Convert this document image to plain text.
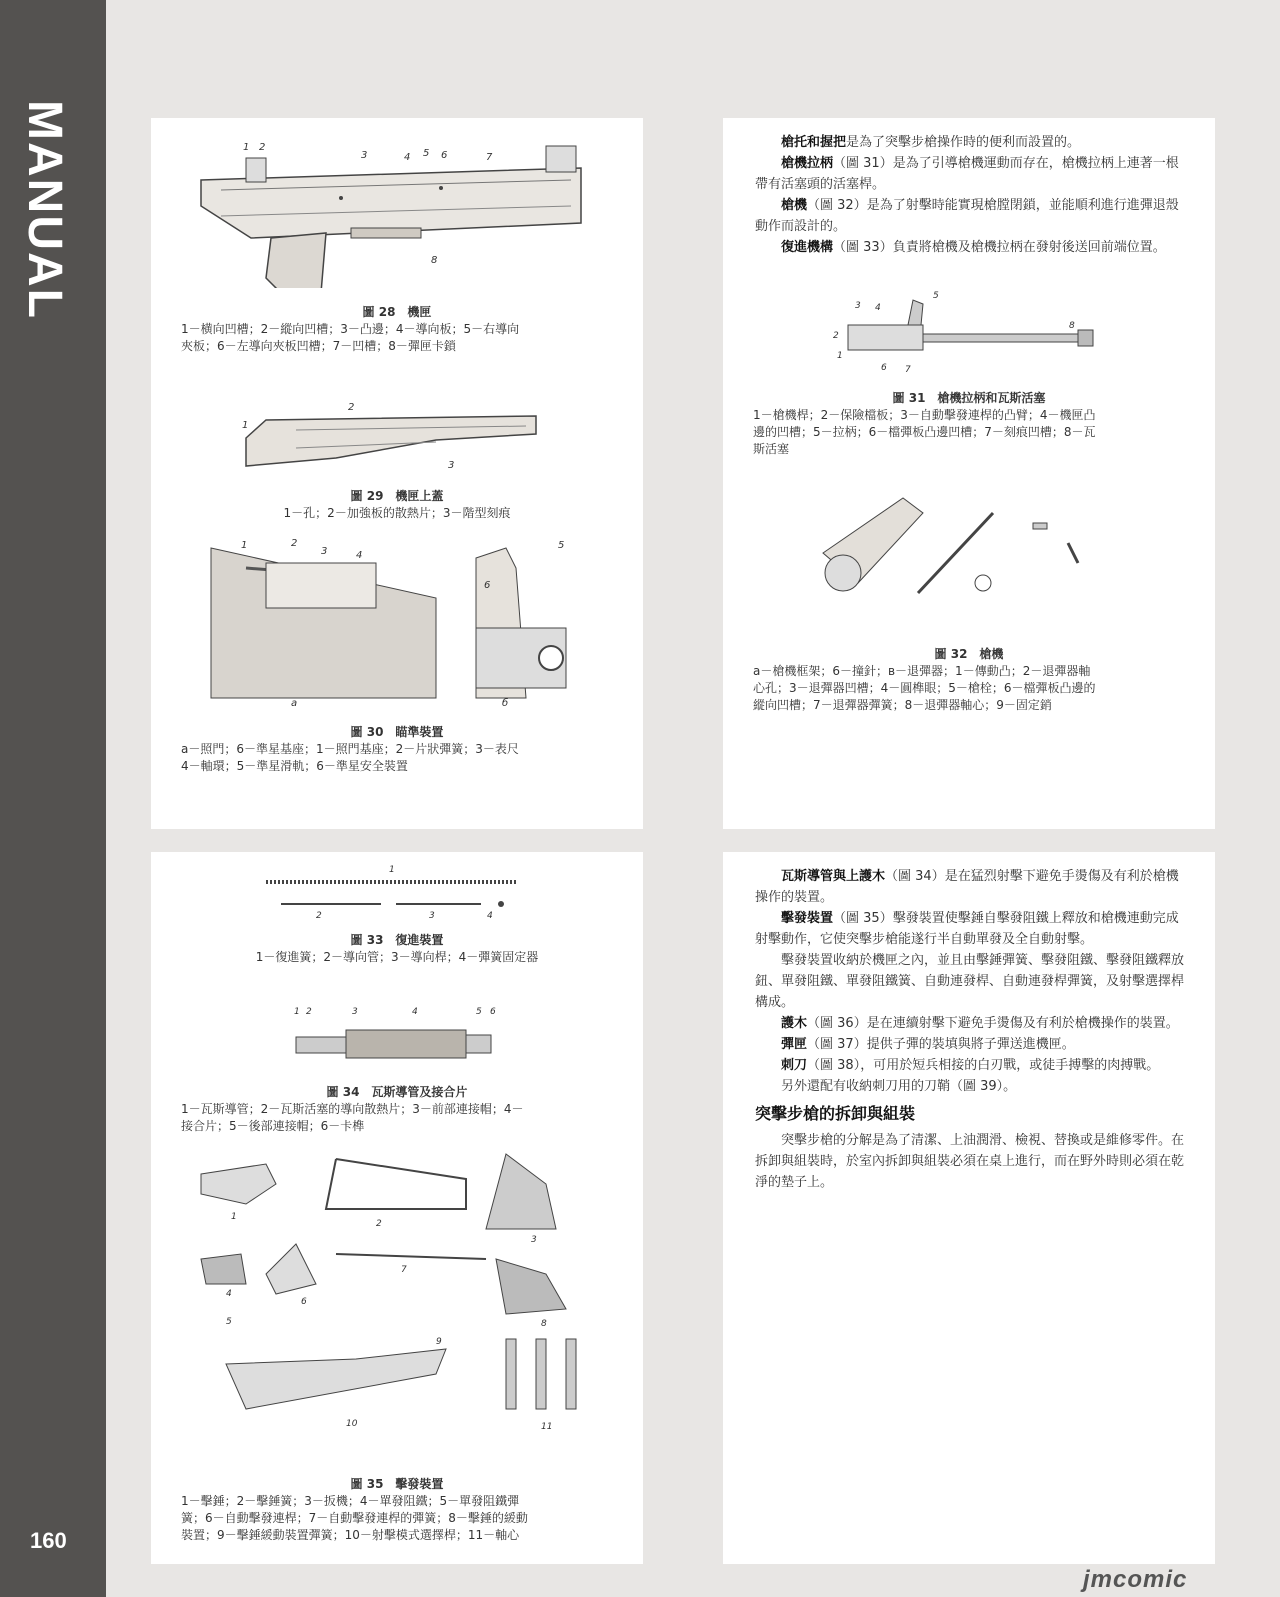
MANUAL
160
1 2
3	4 5 6	7
8
圖 28　機匣
1－横向凹槽；2－縱向凹槽；3－凸邊；4－導向板；5－右導向
夾板；6－左導向夾板凹槽；7－凹槽；8－彈匣卡鎖
1
2
3
圖 29　機匣上蓋
1－孔；2－加強板的散熱片；3－階型刻痕
1	2
3	4
a
6
5
б
圖 30　瞄準裝置
a－照門；6－準星基座；1－照門基座；2－片狀彈簧；3－表尺
4－軸環；5－準星滑軌；6－準星安全裝置

槍托和握把是為了突擊步槍操作時的便利而設置的。

槍機拉柄（圖 31）是為了引導槍機運動而存在，槍機拉柄上連著一根帶有活塞頭的活塞桿。

槍機（圖 32）是為了射擊時能實現槍膛閉鎖，並能順利進行進彈退殼動作而設計的。

復進機構（圖 33）負責將槍機及槍機拉柄在發射後送回前端位置。

1
2
3 4
5
6 7
8
圖 31　槍機拉柄和瓦斯活塞
1－槍機桿；2－保險檔板；3－自動擊發連桿的凸臂；4－機匣凸
邊的凹槽；5－拉柄；6－檔彈板凸邊凹槽；7－刻痕凹槽；8－瓦
斯活塞
圖 32　槍機
a－槍機框架；6－撞針；в－退彈器；1－傳動凸；2－退彈器軸
心孔；3－退彈器凹槽；4－圓榫眼；5－槍栓；6－檔彈板凸邊的
縱向凹槽；7－退彈器彈簧；8－退彈器軸心；9－固定銷
1
2	3	4
圖 33　復進裝置
1－復進簧；2－導向管；3－導向桿；4－彈簧固定器
1 2	3	4	5 6
圖 34　瓦斯導管及接合片
1－瓦斯導管；2－瓦斯活塞的導向散熱片；3－前部連接帽；4－
接合片；5－後部連接帽；6－卡榫
1
2
3
4
5
6
7
8
9
10	11
圖 35　擊發裝置
1－擊錘；2－擊錘簧；3－扳機；4－單發阻鐵；5－單發阻鐵彈
簧；6－自動擊發連桿；7－自動擊發連桿的彈簧；8－擊錘的緩動
裝置；9－擊錘緩動裝置彈簧；10－射擊模式選擇桿；11－軸心

瓦斯導管與上護木（圖 34）是在猛烈射擊下避免手燙傷及有利於槍機操作的裝置。

擊發裝置（圖 35）擊發裝置使擊錘自擊發阻鐵上釋放和槍機連動完成射擊動作，它使突擊步槍能遂行半自動單發及全自動射擊。

擊發裝置收納於機匣之內，並且由擊錘彈簧、擊發阻鐵、擊發阻鐵釋放鈕、單發阻鐵、單發阻鐵簧、自動連發桿、自動連發桿彈簧，及射擊選擇桿構成。

護木（圖 36）是在連續射擊下避免手燙傷及有利於槍機操作的裝置。

彈匣（圖 37）提供子彈的裝填與將子彈送進機匣。

刺刀（圖 38），可用於短兵相接的白刃戰，或徒手搏擊的肉搏戰。

另外還配有收納刺刀用的刀鞘（圖 39）。

突擊步槍的拆卸與組裝

突擊步槍的分解是為了清潔、上油潤滑、檢視、替換或是維修零件。在拆卸與組裝時，於室內拆卸與組裝必須在桌上進行，而在野外時則必須在乾淨的墊子上。

jmcomic
